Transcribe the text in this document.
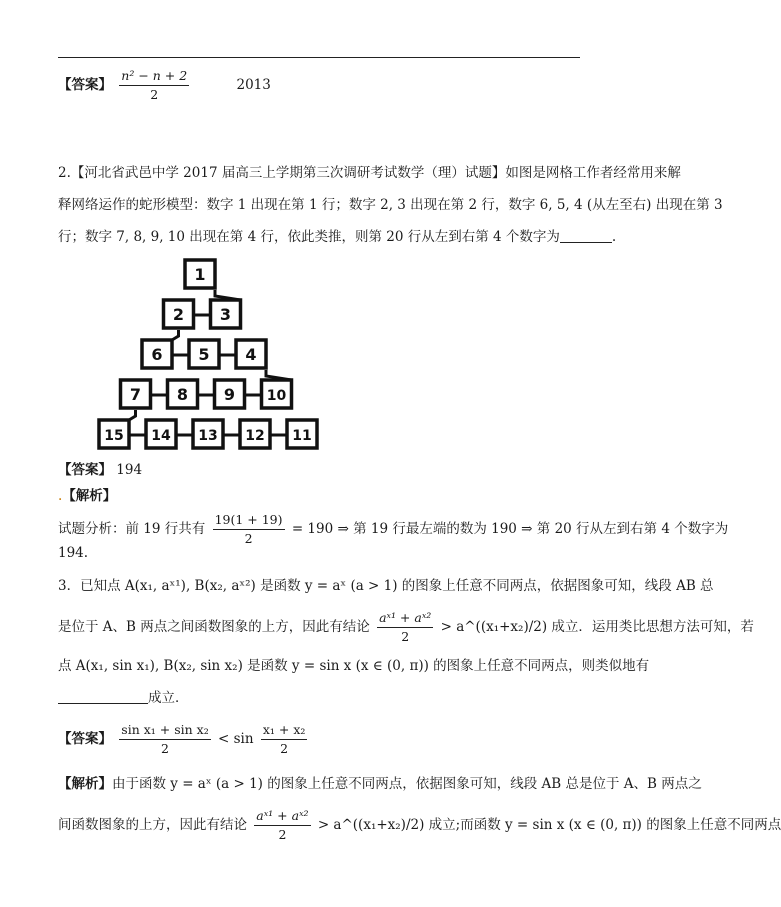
【答案】 $\frac{\text{n² − n + 2}}{2}$	2013
2.【河北省武邑中学 2017 届高三上学期第三次调研考试数学（理）试题】如图是网格工作者经常用来解
释网络运作的蛇形模型：数字 1 出现在第 1 行；数字 2, 3 出现在第 2 行，数字 6, 5, 4 (从左至右) 出现在第 3
行；数字 7, 8, 9, 10 出现在第 4 行，依此类推，则第 20 行从左到右第 4 个数字为	.
1
2 3
6 5 4
7 8 9 10
15 14 13 12 11
【答案】 194
.【解析】
试题分析：前 19 行共有 $\frac{19(1 + 19)}{2} = 190$ ⇒ 第 19 行最左端的数为 190 ⇒ 第 20 行从左到右第 4 个数字为
194.
3．已知点 A(x₁, aˣ¹), B(x₂, aˣ²) 是函数 y = aˣ (a > 1) 的图象上任意不同两点，依据图象可知，线段 AB 总
是位于 A、B 两点之间函数图象的上方，因此有结论 $\frac{\text{aˣ¹ + aˣ²}}{2}$ > a^((x₁+x₂)/2) 成立．运用类比思想方法可知，若
点 A(x₁, sin x₁), B(x₂, sin x₂) 是函数 y = sin x (x ∈ (0, π)) 的图象上任意不同两点，则类似地有
成立．
【答案】 $\frac{\text{sin x₁ + sin x₂}}{2} < \sin \frac{\text{x₁ + x₂}}{2}$
【解析】由于函数 y = aˣ (a > 1) 的图象上任意不同两点，依据图象可知，线段 AB 总是位于 A、B 两点之
间函数图象的上方，因此有结论 $\frac{\text{aˣ¹ + aˣ²}}{2}$ > a^((x₁+x₂)/2) 成立;而函数 y = sin x (x ∈ (0, π)) 的图象上任意不同两点
